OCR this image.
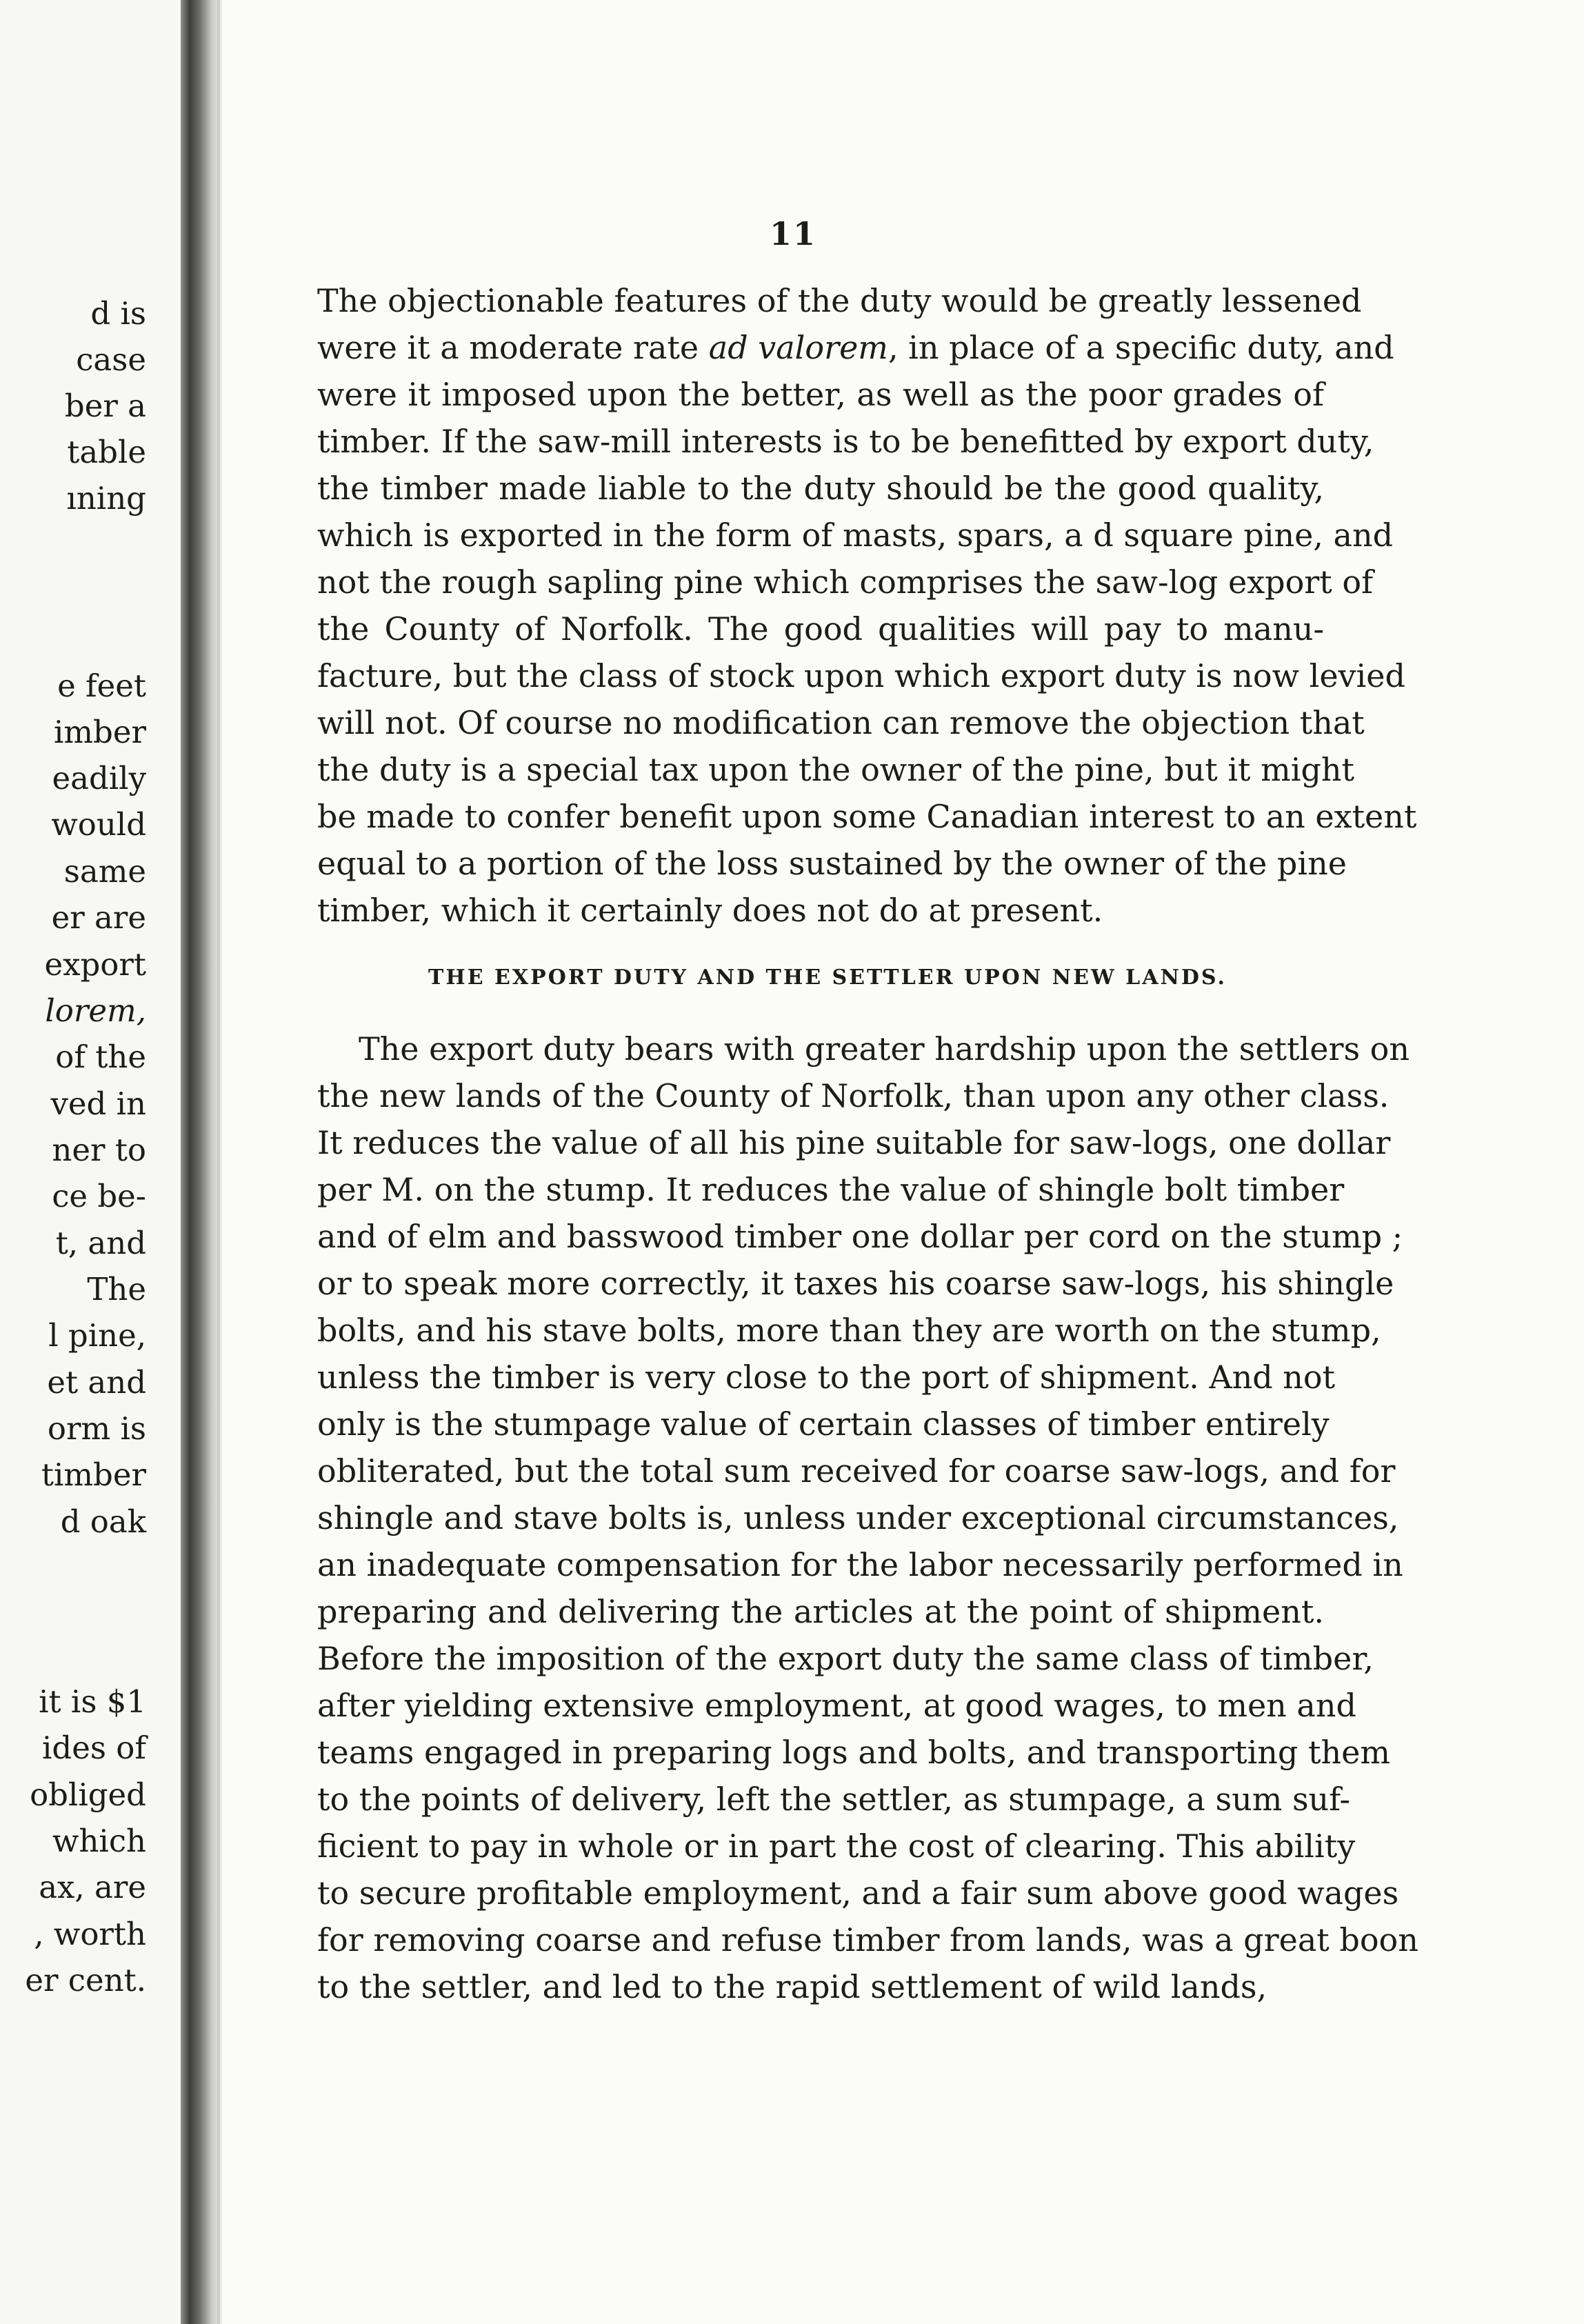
d is
case
ber a
table
ıning
e feet
imber
eadily
would
same
er are
export
lorem,
of the
ved in
ner to
ce be-
t, and
The
l pine,
et and
orm is
timber
d oak
it is $1
ides of
obliged
which
ax, are
, worth
er cent.
11
The objectionable features of the duty would be greatly lessened
were it a moderate rate ad valorem, in place of a specific duty, and
were it imposed upon the better, as well as the poor grades of
timber. If the saw-mill interests is to be benefitted by export duty,
the timber made liable to the duty should be the good quality,
which is exported in the form of masts, spars, a d square pine, and
not the rough sapling pine which comprises the saw-log export of
the County of Norfolk. The good qualities will pay to manu-
facture, but the class of stock upon which export duty is now levied
will not. Of course no modification can remove the objection that
the duty is a special tax upon the owner of the pine, but it might
be made to confer benefit upon some Canadian interest to an extent
equal to a portion of the loss sustained by the owner of the pine
timber, which it certainly does not do at present.
THE EXPORT DUTY AND THE SETTLER UPON NEW LANDS.
The export duty bears with greater hardship upon the settlers on
the new lands of the County of Norfolk, than upon any other class.
It reduces the value of all his pine suitable for saw-logs, one dollar
per M. on the stump. It reduces the value of shingle bolt timber
and of elm and basswood timber one dollar per cord on the stump ;
or to speak more correctly, it taxes his coarse saw-logs, his shingle
bolts, and his stave bolts, more than they are worth on the stump,
unless the timber is very close to the port of shipment. And not
only is the stumpage value of certain classes of timber entirely
obliterated, but the total sum received for coarse saw-logs, and for
shingle and stave bolts is, unless under exceptional circumstances,
an inadequate compensation for the labor necessarily performed in
preparing and delivering the articles at the point of shipment.
Before the imposition of the export duty the same class of timber,
after yielding extensive employment, at good wages, to men and
teams engaged in preparing logs and bolts, and transporting them
to the points of delivery, left the settler, as stumpage, a sum suf-
ficient to pay in whole or in part the cost of clearing. This ability
to secure profitable employment, and a fair sum above good wages
for removing coarse and refuse timber from lands, was a great boon
to the settler, and led to the rapid settlement of wild lands,
